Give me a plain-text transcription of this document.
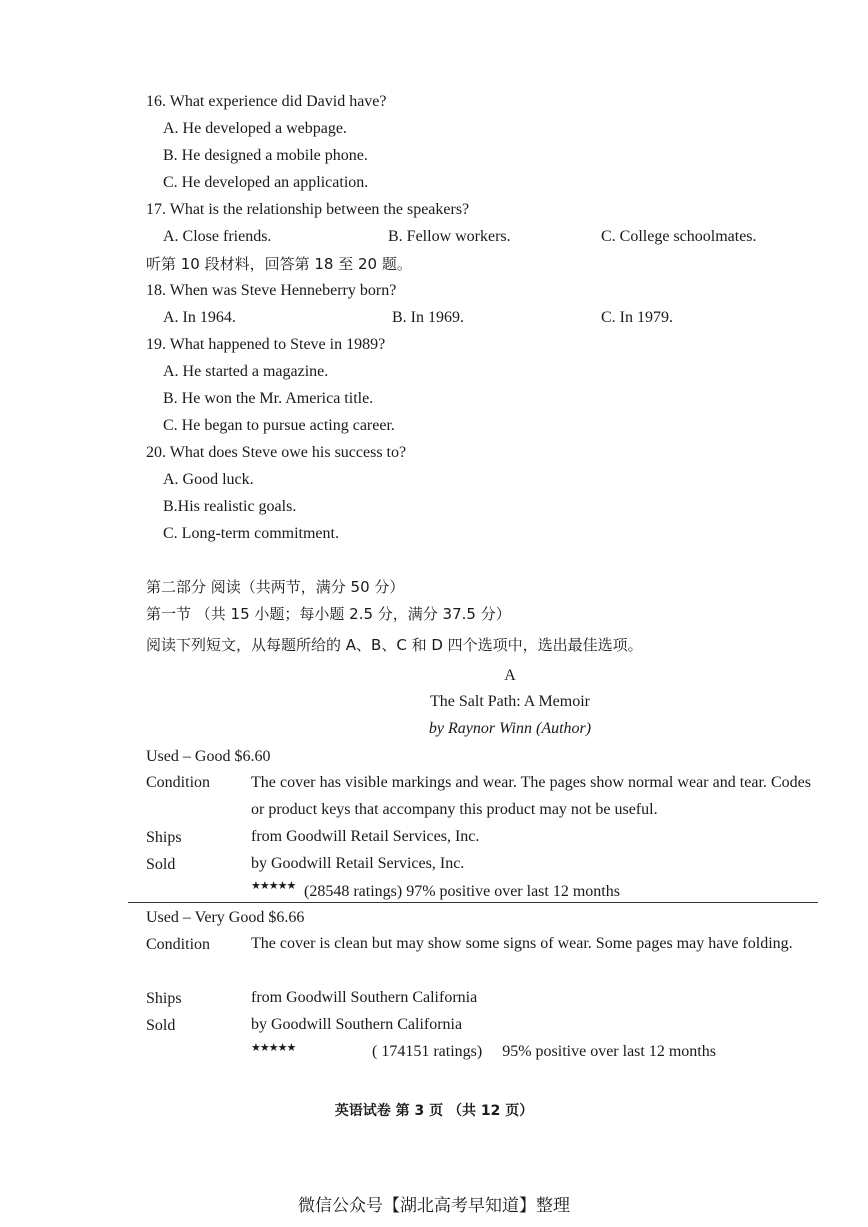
16. What experience did David have?
A. He developed a webpage.
B. He designed a mobile phone.
C. He developed an application.
17. What is the relationship between the speakers?
A. Close friends.	B. Fellow workers.	C. College schoolmates.
听第 10 段材料，回答第 18 至 20 题。
18. When was Steve Henneberry born?
A. In 1964.	B. In 1969.	C. In 1979.
19. What happened to Steve in 1989?
A. He started a magazine.
B. He won the Mr. America title.
C. He began to pursue acting career.
20. What does Steve owe his success to?
A. Good luck.
B.His realistic goals.
C. Long-term commitment.
第二部分 阅读（共两节，满分 50 分）
第一节 （共 15 小题；每小题 2.5 分，满分 37.5 分）
阅读下列短文，从每题所给的 A、B、C 和 D 四个选项中，选出最佳选项。
A
The Salt Path: A Memoir
by Raynor Winn (Author)
Used – Good $6.60
Condition	The cover has visible markings and wear. The pages show normal wear and tear. Codes or product keys that accompany this product may not be useful.
Ships	from Goodwill Retail Services, Inc.
Sold	by Goodwill Retail Services, Inc.
★★★★★ (28548 ratings) 97% positive over last 12 months
Used – Very Good $6.66
Condition	The cover is clean but may show some signs of wear. Some pages may have folding.
Ships	from Goodwill Southern California
Sold	by Goodwill Southern California
★★★★★	( 174151 ratings)     95% positive over last 12 months
英语试卷 第 3 页 （共 12 页）
微信公众号【湖北高考早知道】整理
